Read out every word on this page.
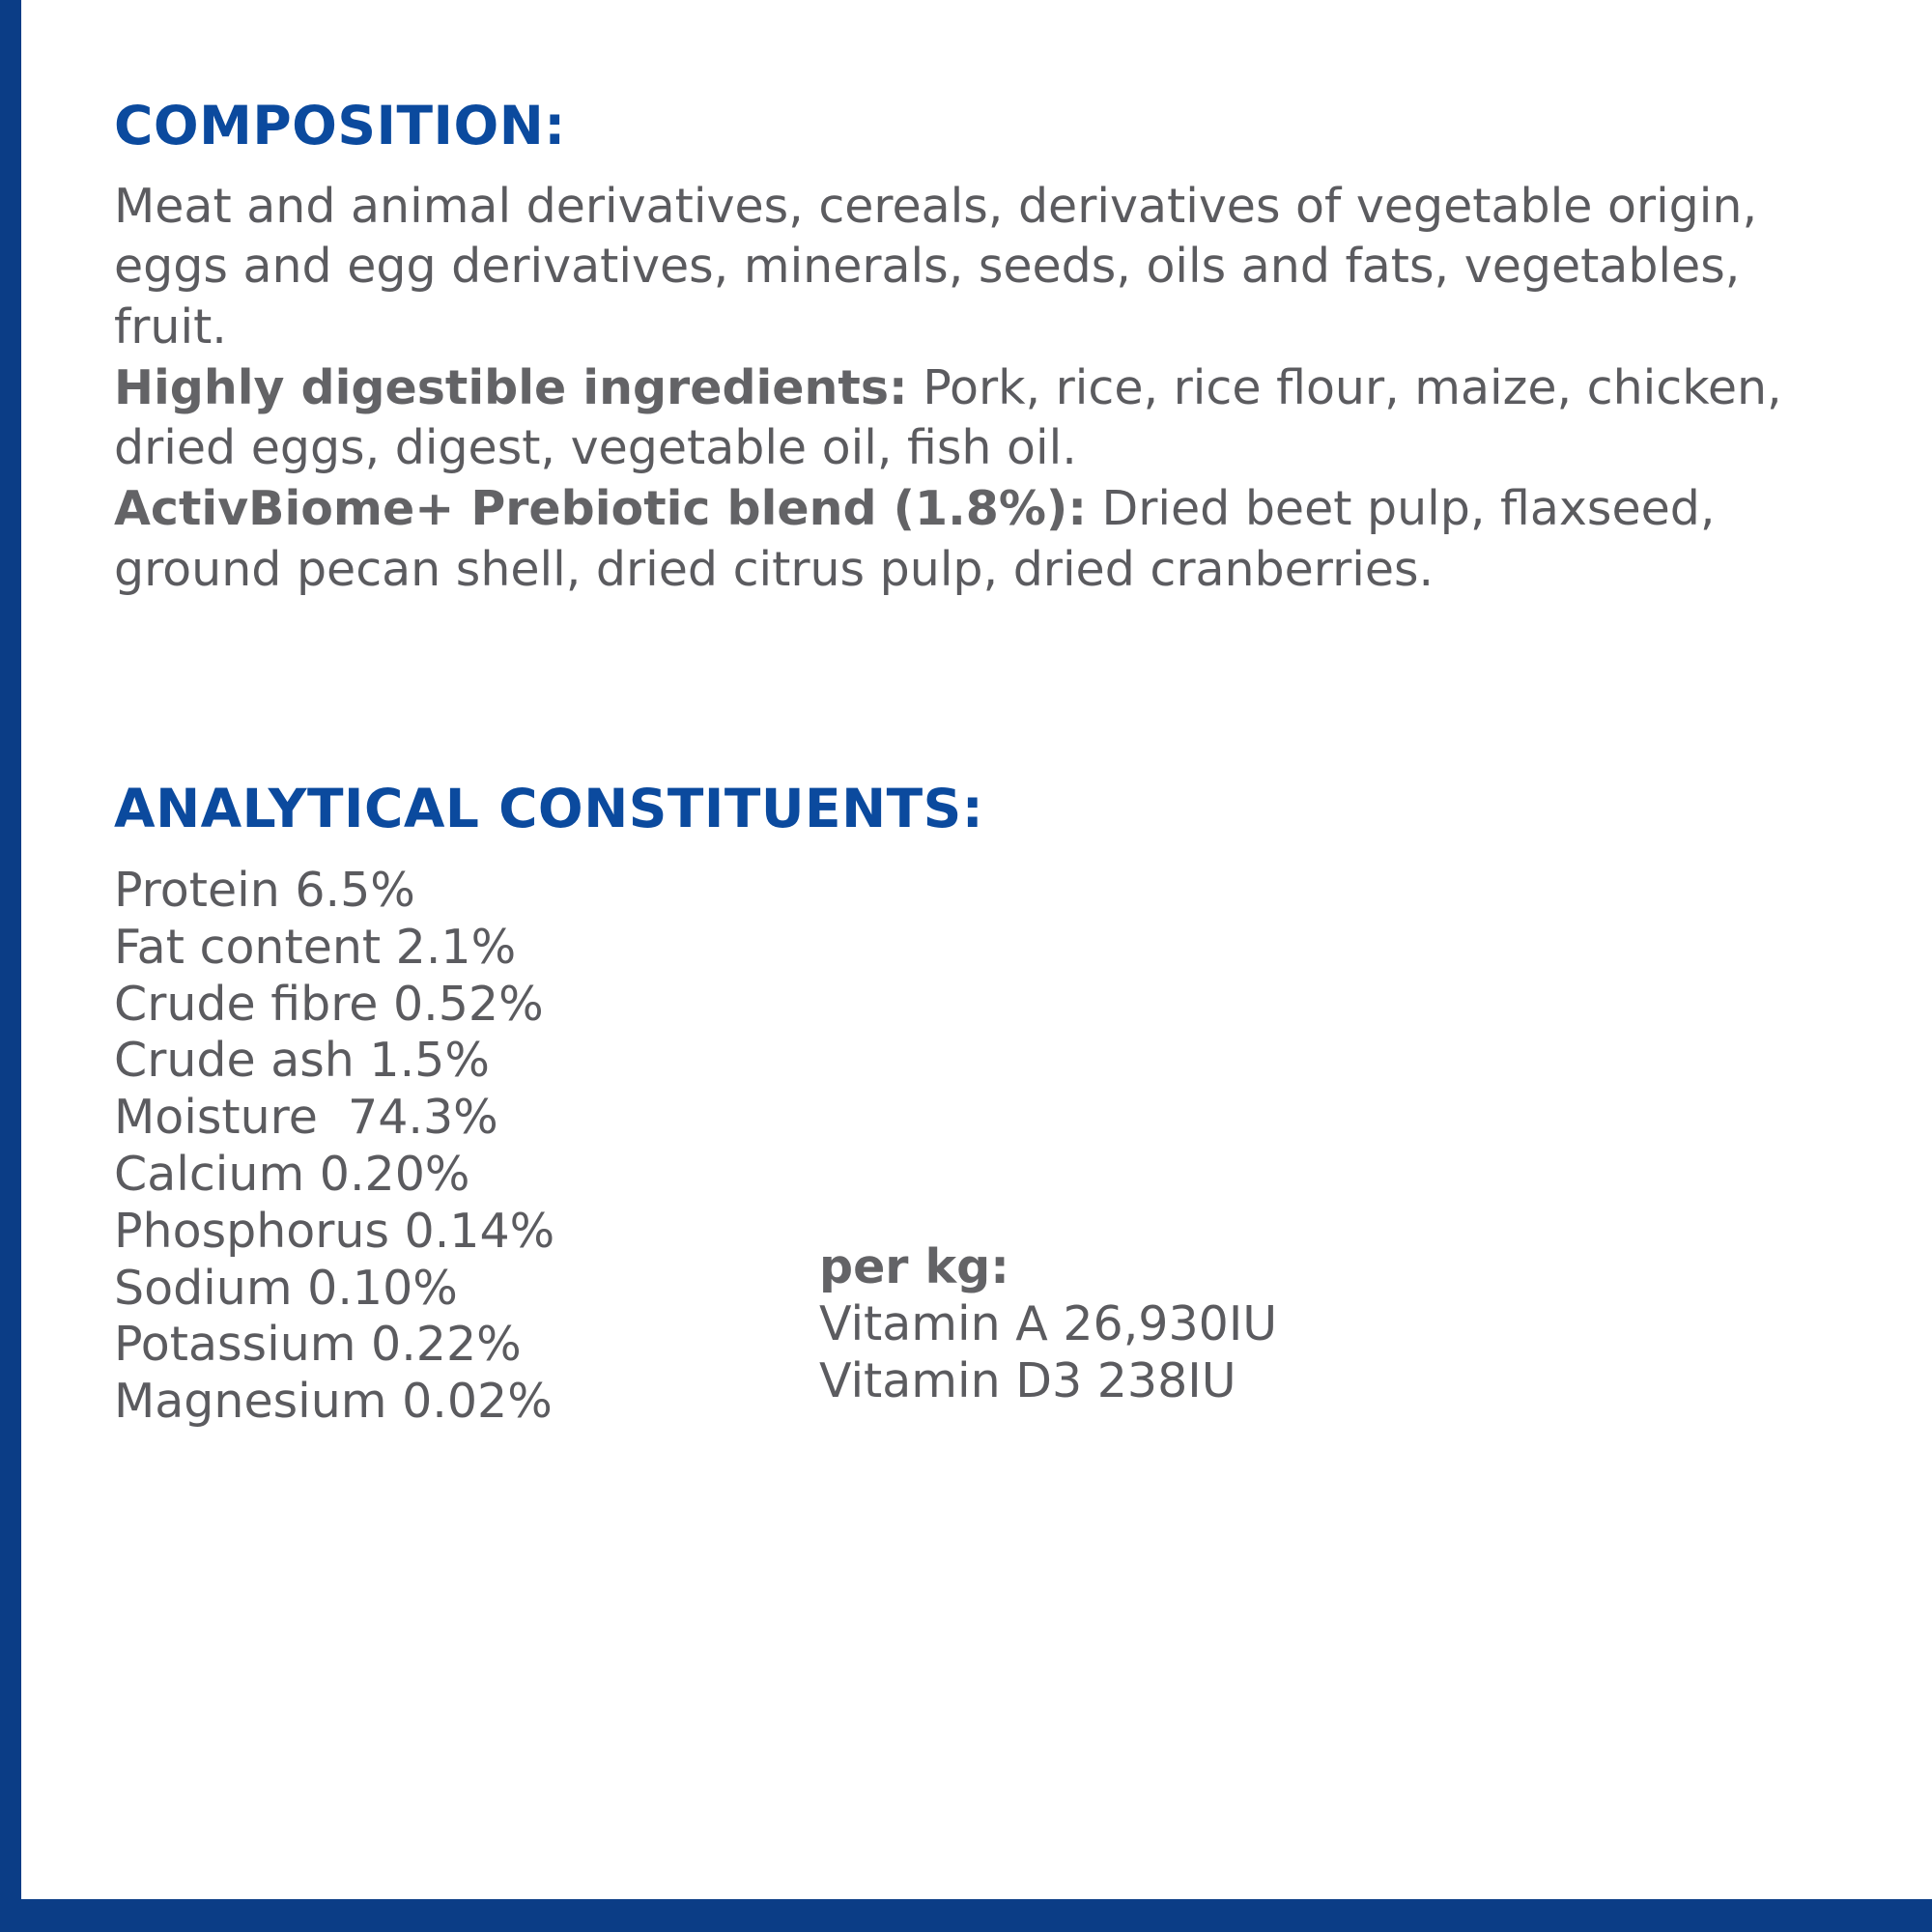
COMPOSITION:

Meat and animal derivatives, cereals, derivatives of vegetable origin, eggs and egg derivatives, minerals, seeds, oils and fats, vegetables, fruit.

Highly digestible ingredients: Pork, rice, rice flour, maize, chicken, dried eggs, digest, vegetable oil, fish oil.

ActivBiome+ Prebiotic blend (1.8%): Dried beet pulp, flaxseed, ground pecan shell, dried citrus pulp, dried cranberries.

ANALYTICAL CONSTITUENTS:
Protein 6.5%
Fat content 2.1%
Crude fibre 0.52%
Crude ash 1.5%
Moisture  74.3%
Calcium 0.20%
Phosphorus 0.14%
Sodium 0.10%
Potassium 0.22%
Magnesium 0.02%
per kg:
Vitamin A 26,930IU
Vitamin D3 238IU
